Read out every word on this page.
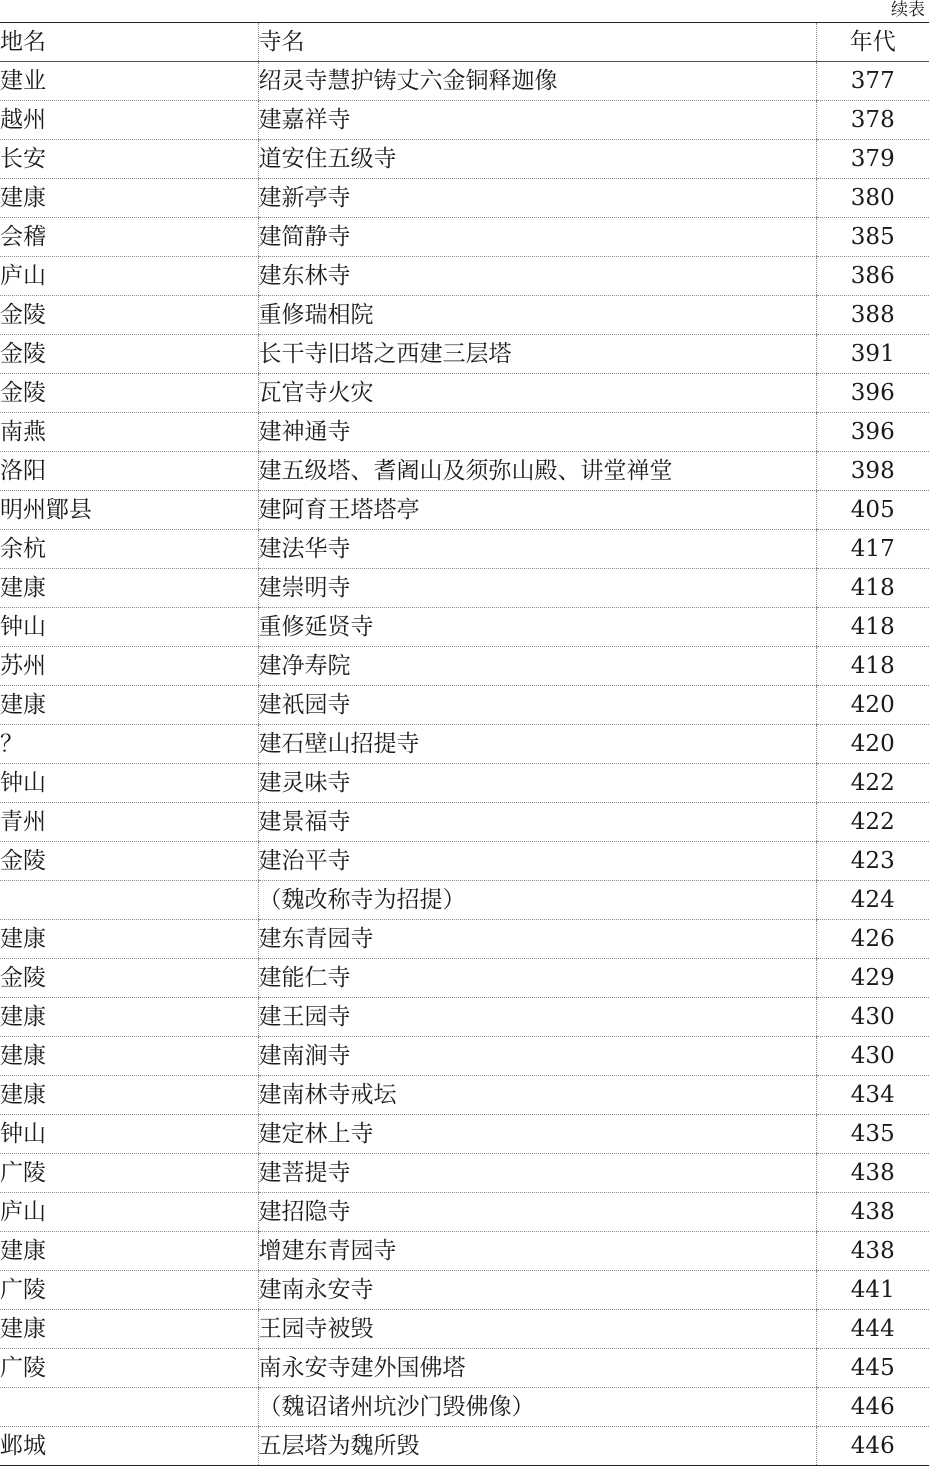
续表
地名	寺名	年代
建业	绍灵寺慧护铸丈六金铜释迦像	377
越州	建嘉祥寺	378
长安	道安住五级寺	379
建康	建新亭寺	380
会稽	建简静寺	385
庐山	建东林寺	386
金陵	重修瑞相院	388
金陵	长干寺旧塔之西建三层塔	391
金陵	瓦官寺火灾	396
南燕	建神通寺	396
洛阳	建五级塔、耆阇山及须弥山殿、讲堂禅堂	398
明州鄮县	建阿育王塔塔亭	405
余杭	建法华寺	417
建康	建崇明寺	418
钟山	重修延贤寺	418
苏州	建净寿院	418
建康	建祇园寺	420
？	建石壁山招提寺	420
钟山	建灵味寺	422
青州	建景福寺	422
金陵	建治平寺	423
	（魏改称寺为招提）	424
建康	建东青园寺	426
金陵	建能仁寺	429
建康	建王园寺	430
建康	建南涧寺	430
建康	建南林寺戒坛	434
钟山	建定林上寺	435
广陵	建菩提寺	438
庐山	建招隐寺	438
建康	增建东青园寺	438
广陵	建南永安寺	441
建康	王园寺被毁	444
广陵	南永安寺建外国佛塔	445
	（魏诏诸州坑沙门毁佛像）	446
邺城	五层塔为魏所毁	446
